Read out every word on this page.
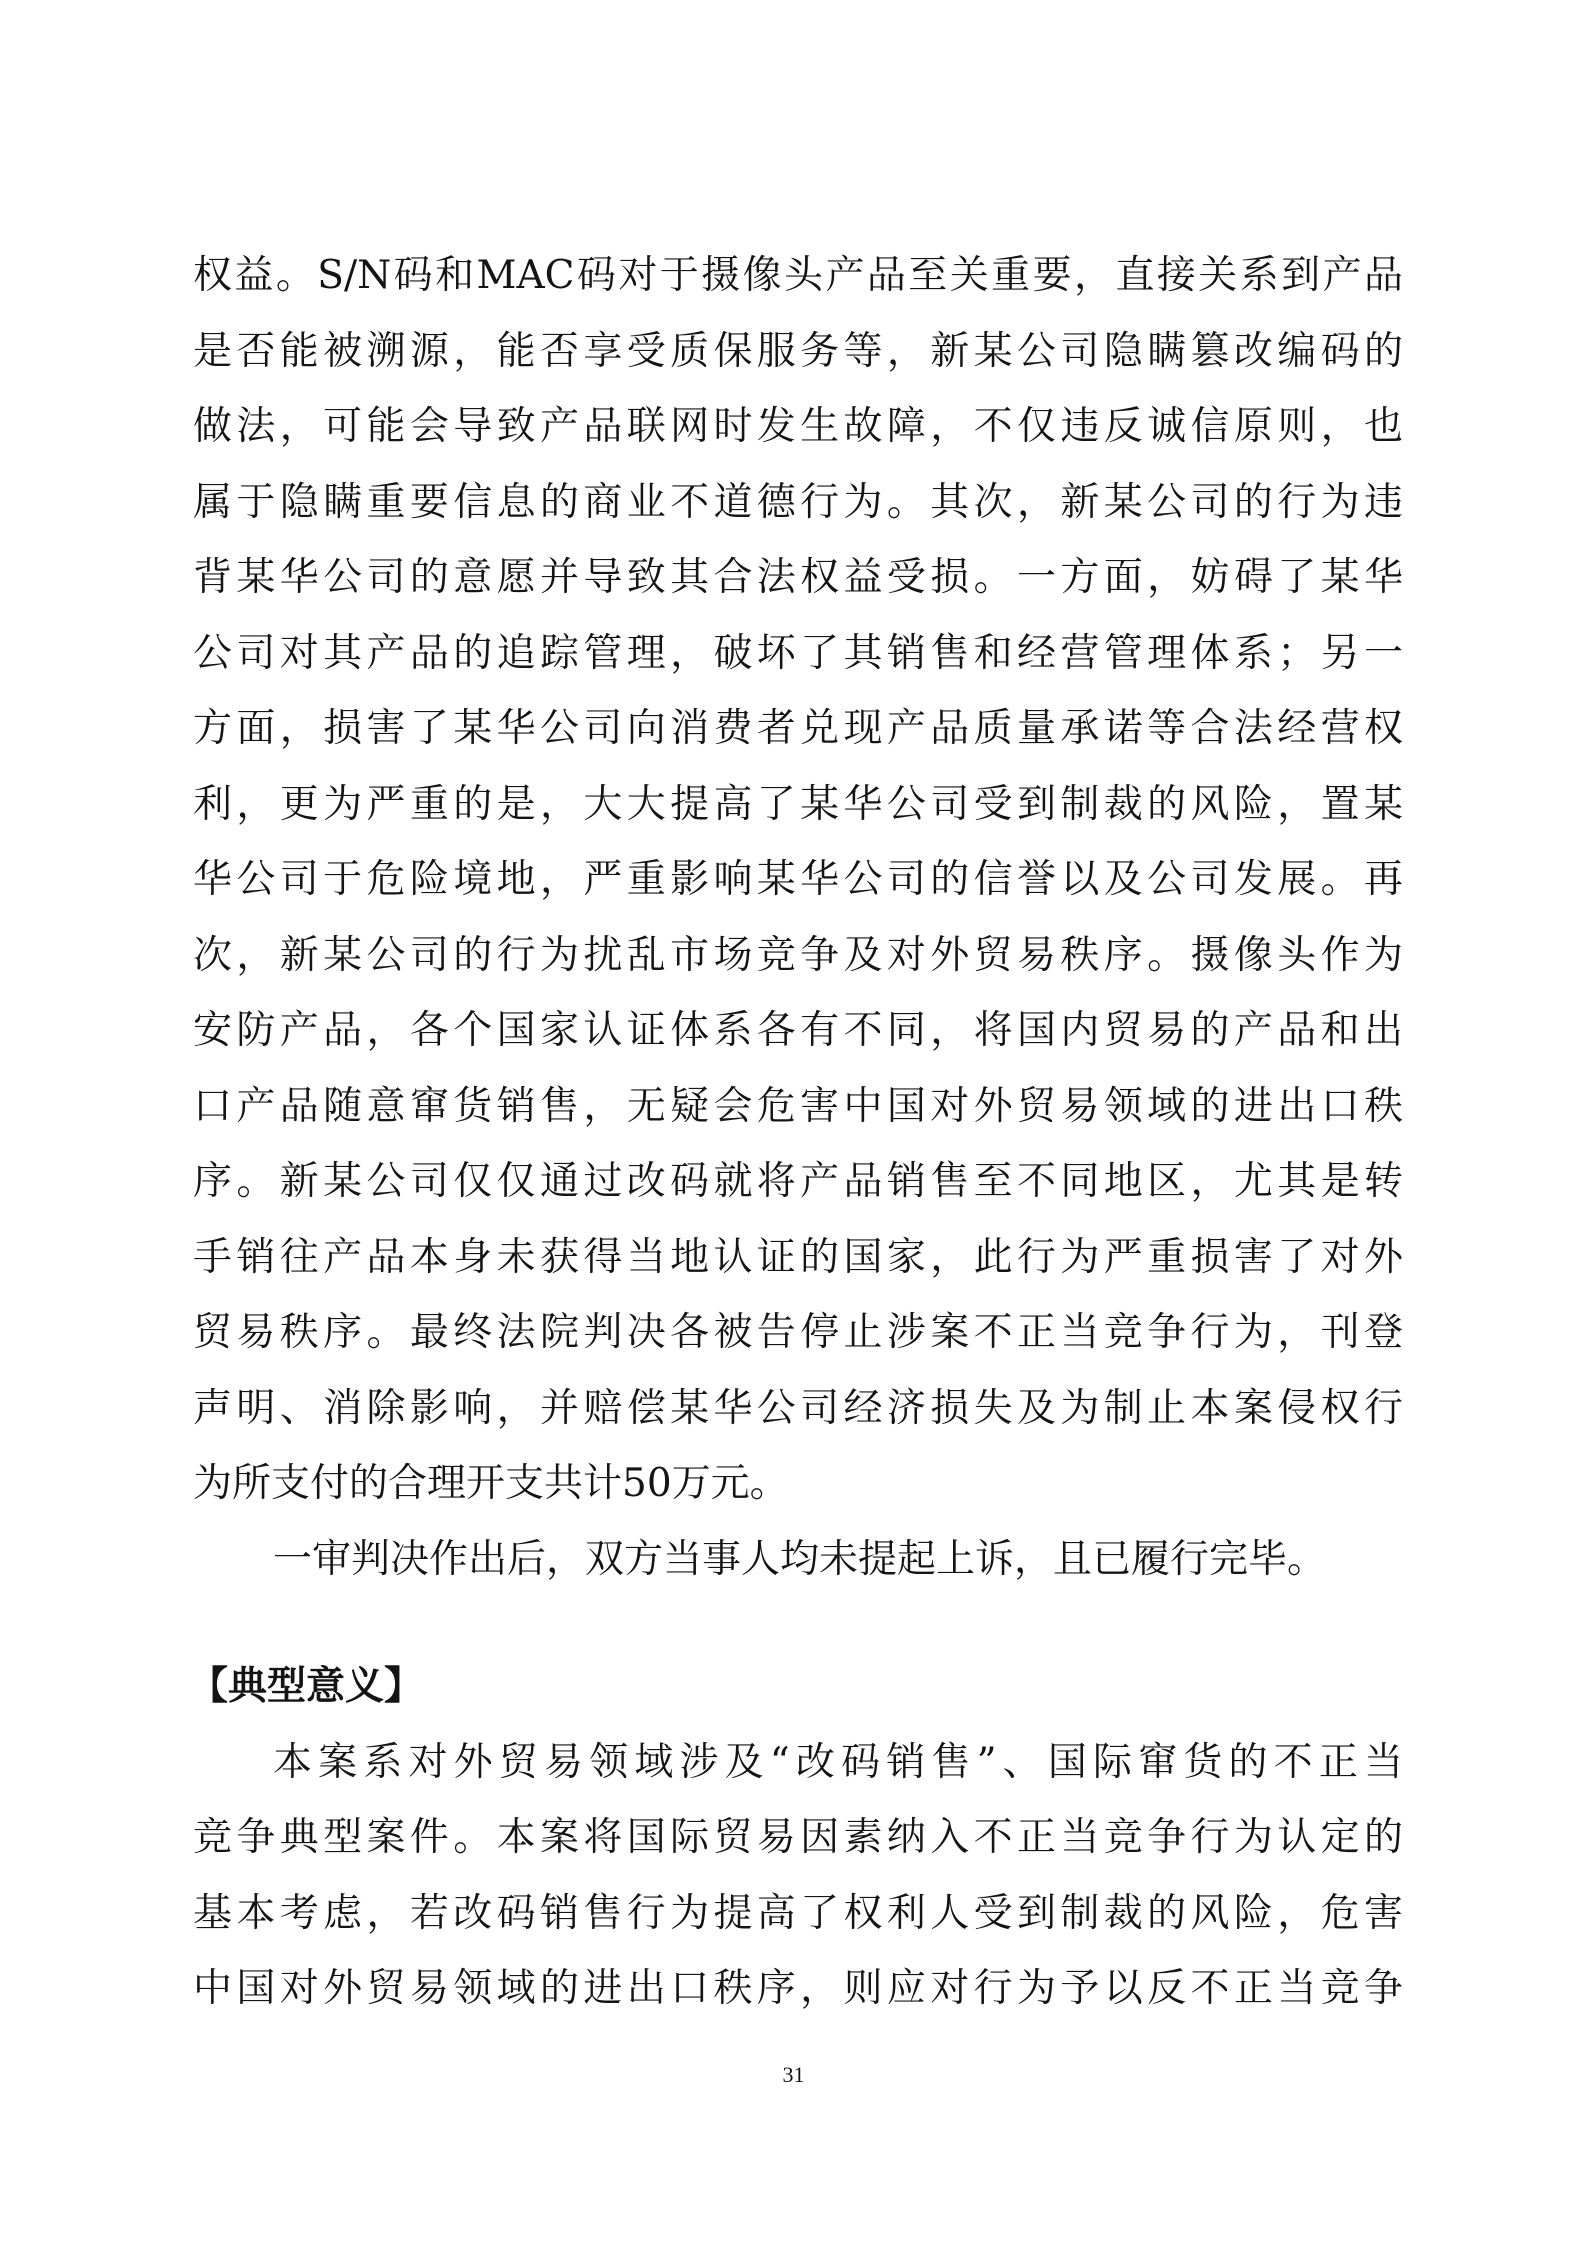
权益。S/N码和MAC码对于摄像头产品至关重要，直接关系到产品
是否能被溯源，能否享受质保服务等，新某公司隐瞒篡改编码的
做法，可能会导致产品联网时发生故障，不仅违反诚信原则，也
属于隐瞒重要信息的商业不道德行为。其次，新某公司的行为违
背某华公司的意愿并导致其合法权益受损。一方面，妨碍了某华
公司对其产品的追踪管理，破坏了其销售和经营管理体系；另一
方面，损害了某华公司向消费者兑现产品质量承诺等合法经营权
利，更为严重的是，大大提高了某华公司受到制裁的风险，置某
华公司于危险境地，严重影响某华公司的信誉以及公司发展。再
次，新某公司的行为扰乱市场竞争及对外贸易秩序。摄像头作为
安防产品，各个国家认证体系各有不同，将国内贸易的产品和出
口产品随意窜货销售，无疑会危害中国对外贸易领域的进出口秩
序。新某公司仅仅通过改码就将产品销售至不同地区，尤其是转
手销往产品本身未获得当地认证的国家，此行为严重损害了对外
贸易秩序。最终法院判决各被告停止涉案不正当竞争行为，刊登
声明、消除影响，并赔偿某华公司经济损失及为制止本案侵权行
为所支付的合理开支共计50万元。
一审判决作出后，双方当事人均未提起上诉，且已履行完毕。
【典型意义】
本案系对外贸易领域涉及“改码销售”、国际窜货的不正当
竞争典型案件。本案将国际贸易因素纳入不正当竞争行为认定的
基本考虑，若改码销售行为提高了权利人受到制裁的风险，危害
中国对外贸易领域的进出口秩序，则应对行为予以反不正当竞争
31
